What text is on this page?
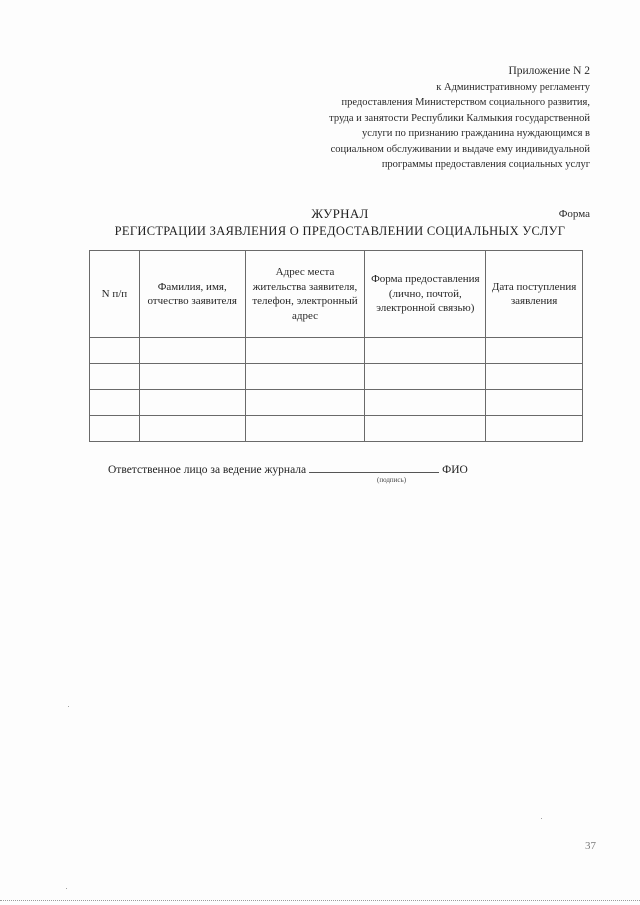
Приложение N 2
к Административному регламенту
предоставления Министерством социального развития,
труда и занятости Республики Калмыкия государственной
услуги по признанию гражданина нуждающимся в
социальном обслуживании и выдаче ему индивидуальной
программы предоставления социальных услуг
Форма
ЖУРНАЛ
РЕГИСТРАЦИИ ЗАЯВЛЕНИЯ О ПРЕДОСТАВЛЕНИИ СОЦИАЛЬНЫХ УСЛУГ
N п/п	Фамилия, имя, отчество заявителя	Адрес места жительства заявителя, телефон, электронный адрес	Форма предоставления (лично, почтой, электронной связью)	Дата поступления заявления

Ответственное лицо за ведение журнала	ФИО
(подпись)
37
